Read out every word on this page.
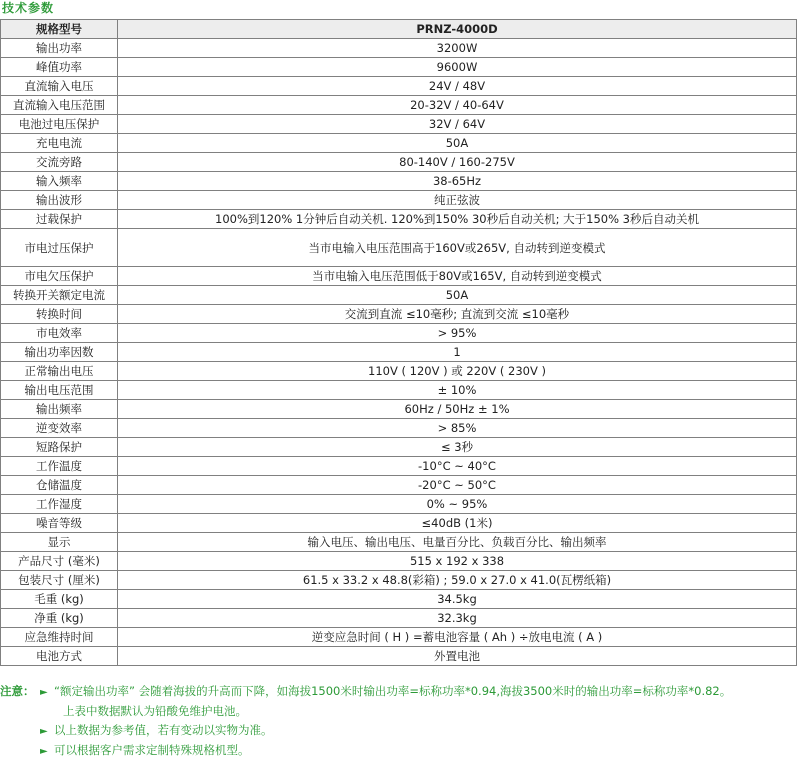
技术参数
规格型号	PRNZ-4000D
输出功率	3200W
峰值功率	9600W
直流输入电压	24V / 48V
直流输入电压范围	20-32V / 40-64V
电池过电压保护	32V / 64V
充电电流	50A
交流旁路	80-140V / 160-275V
输入频率	38-65Hz
输出波形	纯正弦波
过载保护	100%到120% 1分钟后自动关机. 120%到150% 30秒后自动关机; 大于150% 3秒后自动关机
市电过压保护	当市电输入电压范围高于160V或265V, 自动转到逆变模式
市电欠压保护	当市电输入电压范围低于80V或165V, 自动转到逆变模式
转换开关额定电流	50A
转换时间	交流到直流 ≤10毫秒; 直流到交流 ≤10毫秒
市电效率	> 95%
输出功率因数	1
正常输出电压	110V ( 120V ) 或 220V ( 230V )
输出电压范围	± 10%
输出频率	60Hz / 50Hz ± 1%
逆变效率	> 85%
短路保护	≤ 3秒
工作温度	-10°C ~ 40°C
仓储温度	-20°C ~ 50°C
工作湿度	0% ~ 95%
噪音等级	≤40dB (1米)
显示	输入电压、输出电压、电量百分比、负载百分比、输出频率
产品尺寸 (毫米)	515 x 192 x 338
包装尺寸 (厘米)	61.5 x 33.2 x 48.8(彩箱) ; 59.0 x 27.0 x 41.0(瓦楞纸箱)
毛重 (kg)	34.5kg
净重 (kg)	32.3kg
应急维持时间	逆变应急时间 ( H ) =蓄电池容量 ( Ah ) ÷放电电流 ( A )
电池方式	外置电池
注意： ► “额定输出功率” 会随着海拔的升高而下降，如海拔1500米时输出功率=标称功率*0.94,海拔3500米时的输出功率=标称功率*0.82。
上表中数据默认为铅酸免维护电池。
► 以上数据为参考值，若有变动以实物为准。
► 可以根据客户需求定制特殊规格机型。
